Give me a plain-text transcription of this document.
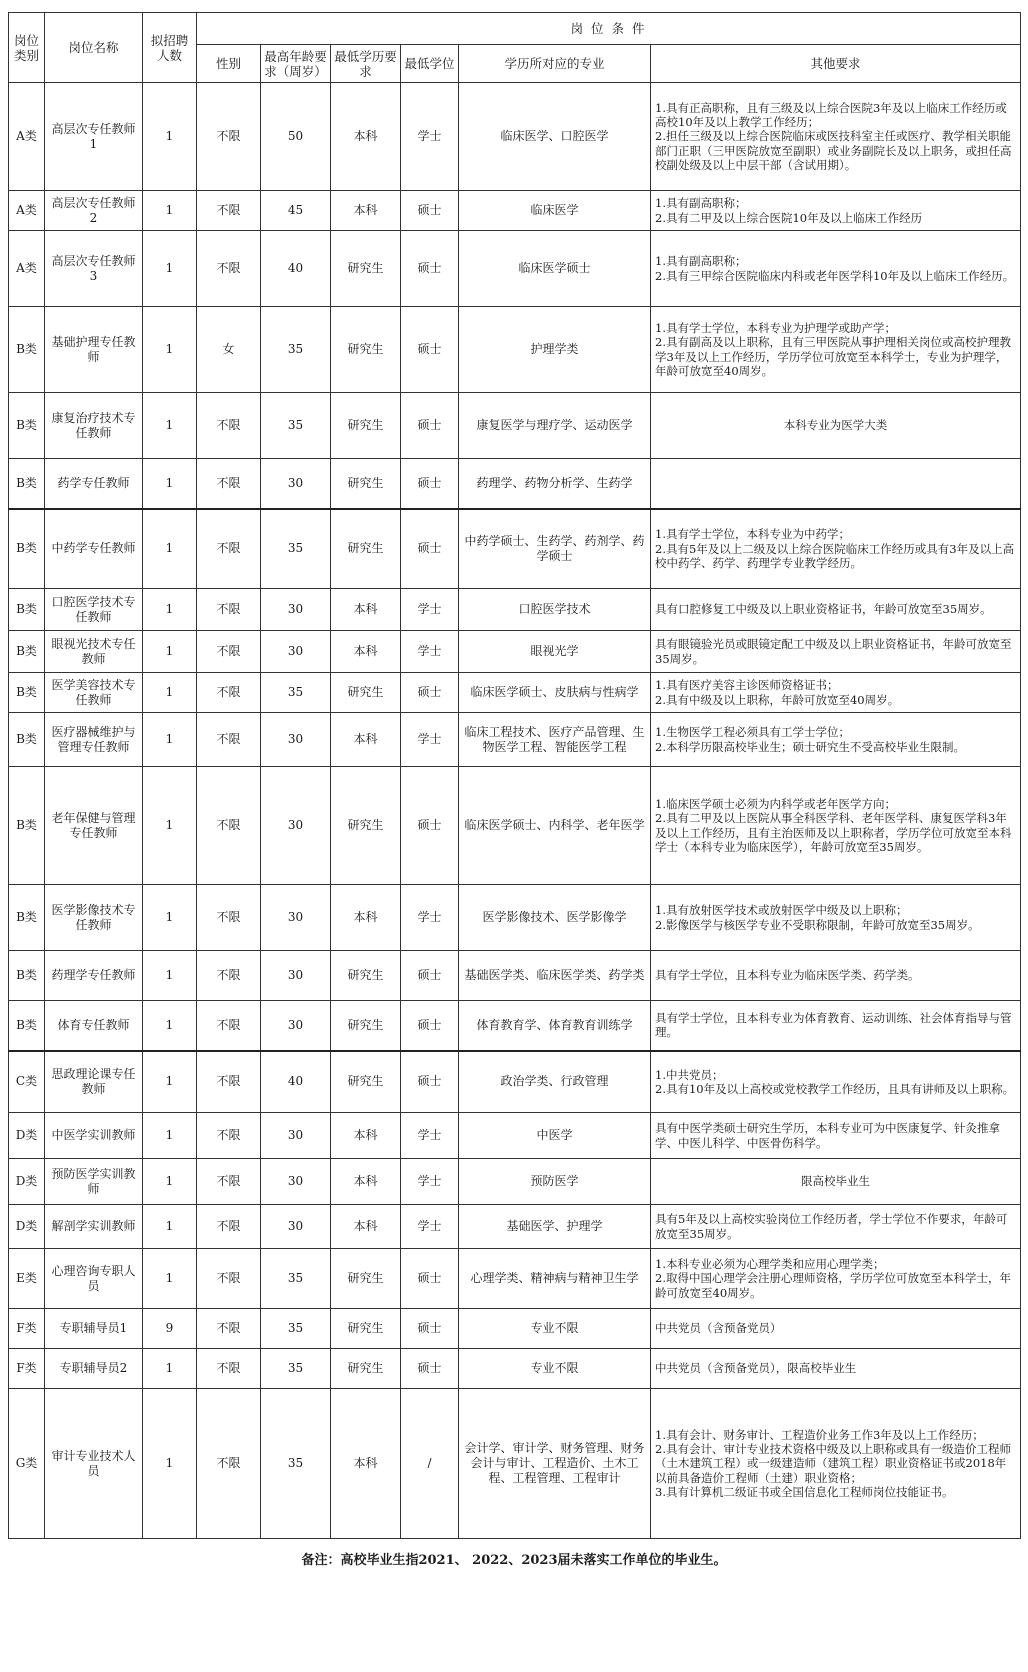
岗位类别	岗位名称	拟招聘人数	岗 位 条 件					
			性别	最高年龄要求（周岁）	最低学历要求	最低学位	学历所对应的专业	其他要求
A类	高层次专任教师1	1	不限	50	本科	学士	临床医学、口腔医学	1.具有正高职称，且有三级及以上综合医院3年及以上临床工作经历或高校10年及以上教学工作经历；
2.担任三级及以上综合医院临床或医技科室主任或医疗、教学相关职能部门正职（三甲医院放宽至副职）或业务副院长及以上职务，或担任高校副处级及以上中层干部（含试用期）。

A类	高层次专任教师2	1	不限	45	本科	硕士	临床医学	1.具有副高职称；
2.具有二甲及以上综合医院10年及以上临床工作经历

A类	高层次专任教师3	1	不限	40	研究生	硕士	临床医学硕士	1.具有副高职称；
2.具有三甲综合医院临床内科或老年医学科10年及以上临床工作经历。

B类	基础护理专任教师	1	女	35	研究生	硕士	护理学类	1.具有学士学位，本科专业为护理学或助产学；
2.具有副高及以上职称，且有三甲医院从事护理相关岗位或高校护理教学3年及以上工作经历，学历学位可放宽至本科学士，专业为护理学，年龄可放宽至40周岁。

B类	康复治疗技术专任教师	1	不限	35	研究生	硕士	康复医学与理疗学、运动医学	本科专业为医学大类

B类	药学专任教师	1	不限	30	研究生	硕士	药理学、药物分析学、生药学	
B类	中药学专任教师	1	不限	35	研究生	硕士	中药学硕士、生药学、药剂学、药学硕士	1.具有学士学位，本科专业为中药学；
2.具有5年及以上二级及以上综合医院临床工作经历或具有3年及以上高校中药学、药学、药理学专业教学经历。

B类	口腔医学技术专任教师	1	不限	30	本科	学士	口腔医学技术	具有口腔修复工中级及以上职业资格证书，年龄可放宽至35周岁。

B类	眼视光技术专任教师	1	不限	30	本科	学士	眼视光学	具有眼镜验光员或眼镜定配工中级及以上职业资格证书，年龄可放宽至35周岁。

B类	医学美容技术专任教师	1	不限	35	研究生	硕士	临床医学硕士、皮肤病与性病学	1.具有医疗美容主诊医师资格证书；
2.具有中级及以上职称，年龄可放宽至40周岁。

B类	医疗器械维护与管理专任教师	1	不限	30	本科	学士	临床工程技术、医疗产品管理、生物医学工程、智能医学工程	1.生物医学工程必须具有工学士学位；
2.本科学历限高校毕业生；硕士研究生不受高校毕业生限制。

B类	老年保健与管理专任教师	1	不限	30	研究生	硕士	临床医学硕士、内科学、老年医学	1.临床医学硕士必须为内科学或老年医学方向；
2.具有二甲及以上医院从事全科医学科、老年医学科、康复医学科3年及以上工作经历，且有主治医师及以上职称者，学历学位可放宽至本科学士（本科专业为临床医学），年龄可放宽至35周岁。

B类	医学影像技术专任教师	1	不限	30	本科	学士	医学影像技术、医学影像学	1.具有放射医学技术或放射医学中级及以上职称；
2.影像医学与核医学专业不受职称限制，年龄可放宽至35周岁。

B类	药理学专任教师	1	不限	30	研究生	硕士	基础医学类、临床医学类、药学类	具有学士学位，且本科专业为临床医学类、药学类。

B类	体育专任教师	1	不限	30	研究生	硕士	体育教育学、体育教育训练学	具有学士学位，且本科专业为体育教育、运动训练、社会体育指导与管理。

C类	思政理论课专任教师	1	不限	40	研究生	硕士	政治学类、行政管理	1.中共党员；
2.具有10年及以上高校或党校教学工作经历，且具有讲师及以上职称。

D类	中医学实训教师	1	不限	30	本科	学士	中医学	具有中医学类硕士研究生学历，本科专业可为中医康复学、针灸推拿学、中医儿科学、中医骨伤科学。

D类	预防医学实训教师	1	不限	30	本科	学士	预防医学	限高校毕业生

D类	解剖学实训教师	1	不限	30	本科	学士	基础医学、护理学	具有5年及以上高校实验岗位工作经历者，学士学位不作要求，年龄可放宽至35周岁。

E类	心理咨询专职人员	1	不限	35	研究生	硕士	心理学类、精神病与精神卫生学	1.本科专业必须为心理学类和应用心理学类；
2.取得中国心理学会注册心理师资格，学历学位可放宽至本科学士，年龄可放宽至40周岁。

F类	专职辅导员1	9	不限	35	研究生	硕士	专业不限	中共党员（含预备党员）

F类	专职辅导员2	1	不限	35	研究生	硕士	专业不限	中共党员（含预备党员），限高校毕业生

G类	审计专业技术人员	1	不限	35	本科	/	会计学、审计学、财务管理、财务会计与审计、工程造价、土木工程、工程管理、工程审计	1.具有会计、财务审计、工程造价业务工作3年及以上工作经历；
2.具有会计、审计专业技术资格中级及以上职称或具有一级造价工程师（土木建筑工程）或一级建造师（建筑工程）职业资格证书或2018年以前具备造价工程师（土建）职业资格；
3.具有计算机二级证书或全国信息化工程师岗位技能证书。
备注：高校毕业生指2021、 2022、2023届未落实工作单位的毕业生。
